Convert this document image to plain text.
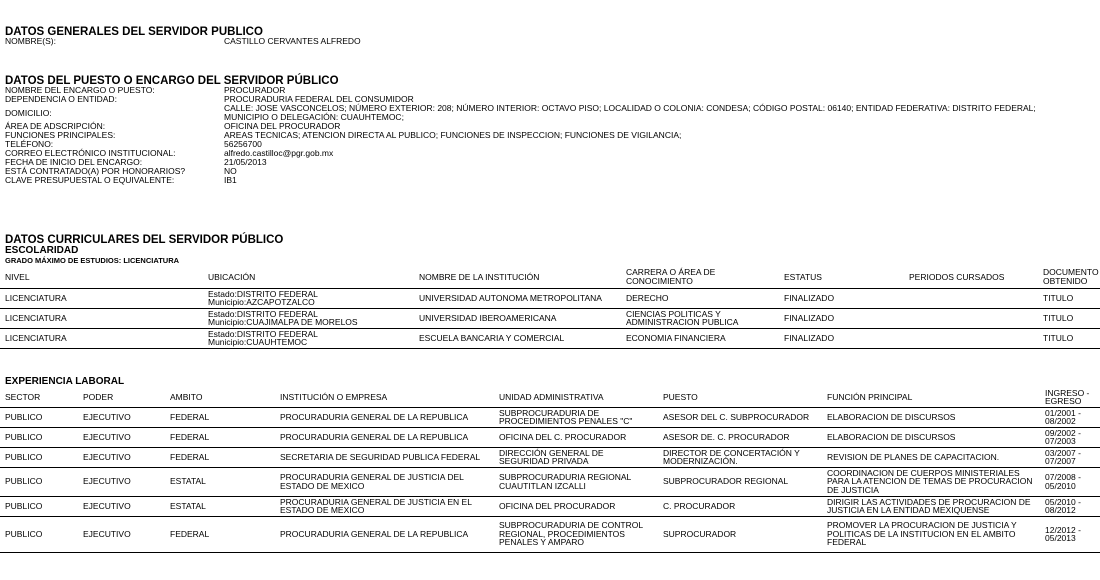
DATOS GENERALES DEL SERVIDOR PUBLICO
NOMBRE(S):	CASTILLO CERVANTES ALFREDO
DATOS DEL PUESTO O ENCARGO DEL SERVIDOR PÚBLICO
NOMBRE DEL ENCARGO O PUESTO:	PROCURADOR
DEPENDENCIA O ENTIDAD:	PROCURADURIA FEDERAL DEL CONSUMIDOR
DOMICILIO:	CALLE: JOSE VASCONCELOS; NÚMERO EXTERIOR: 208; NÚMERO INTERIOR: OCTAVO PISO; LOCALIDAD O COLONIA: CONDESA; CÓDIGO POSTAL: 06140; ENTIDAD FEDERATIVA: DISTRITO FEDERAL; MUNICIPIO O DELEGACIÓN: CUAUHTEMOC;
ÁREA DE ADSCRIPCIÓN:	OFICINA DEL PROCURADOR
FUNCIONES PRINCIPALES:	AREAS TECNICAS; ATENCION DIRECTA AL PUBLICO; FUNCIONES DE INSPECCION; FUNCIONES DE VIGILANCIA;
TELÉFONO:	56256700
CORREO ELECTRÓNICO INSTITUCIONAL:	alfredo.castilloc@pgr.gob.mx
FECHA DE INICIO DEL ENCARGO:	21/05/2013
ESTÁ CONTRATADO(A) POR HONORARIOS?	NO
CLAVE PRESUPUESTAL O EQUIVALENTE:	IB1
DATOS CURRICULARES DEL SERVIDOR PÚBLICO
ESCOLARIDAD
GRADO MÁXIMO DE ESTUDIOS: LICENCIATURA
NIVEL	UBICACIÓN	NOMBRE DE LA INSTITUCIÓN	CARRERA O ÁREA DE CONOCIMIENTO	ESTATUS	PERIODOS CURSADOS	DOCUMENTO OBTENIDO
LICENCIATURA	Estado:DISTRITO FEDERAL Municipio:AZCAPOTZALCO	UNIVERSIDAD AUTONOMA METROPOLITANA	DERECHO	FINALIZADO		TITULO
LICENCIATURA	Estado:DISTRITO FEDERAL Municipio:CUAJIMALPA DE MORELOS	UNIVERSIDAD IBEROAMERICANA	CIENCIAS POLITICAS Y ADMINISTRACION PUBLICA	FINALIZADO		TITULO
LICENCIATURA	Estado:DISTRITO FEDERAL Municipio:CUAUHTEMOC	ESCUELA BANCARIA Y COMERCIAL	ECONOMIA FINANCIERA	FINALIZADO		TITULO
EXPERIENCIA LABORAL
SECTOR	PODER	AMBITO	INSTITUCIÓN O EMPRESA	UNIDAD ADMINISTRATIVA	PUESTO	FUNCIÓN PRINCIPAL	INGRESO - EGRESO
PUBLICO	EJECUTIVO	FEDERAL	PROCURADURIA GENERAL DE LA REPUBLICA	SUBPROCURADURIA DE PROCEDIMIENTOS PENALES "C"	ASESOR DEL C. SUBPROCURADOR	ELABORACION DE DISCURSOS	01/2001 - 08/2002
PUBLICO	EJECUTIVO	FEDERAL	PROCURADURIA GENERAL DE LA REPUBLICA	OFICINA DEL C. PROCURADOR	ASESOR DE. C. PROCURADOR	ELABORACION DE DISCURSOS	09/2002 - 07/2003
PUBLICO	EJECUTIVO	FEDERAL	SECRETARIA DE SEGURIDAD PUBLICA FEDERAL	DIRECCIÓN GENERAL DE SEGURIDAD PRIVADA	DIRECTOR DE CONCERTACIÓN Y MODERNIZACIÓN.	REVISION DE PLANES DE CAPACITACION.	03/2007 - 07/2007
PUBLICO	EJECUTIVO	ESTATAL	PROCURADURIA GENERAL DE JUSTICIA DEL ESTADO DE MEXICO	SUBPROCURADURIA REGIONAL CUAUTITLAN IZCALLI	SUBPROCURADOR REGIONAL	COORDINACION DE CUERPOS MINISTERIALES PARA LA ATENCION DE TEMAS DE PROCURACION DE JUSTICIA	07/2008 - 05/2010
PUBLICO	EJECUTIVO	ESTATAL	PROCURADURIA GENERAL DE JUSTICIA EN EL ESTADO DE MEXICO	OFICINA DEL PROCURADOR	C. PROCURADOR	DIRIGIR LAS ACTIVIDADES DE PROCURACION DE JUSTICIA EN LA ENTIDAD MEXIQUENSE	05/2010 - 08/2012
PUBLICO	EJECUTIVO	FEDERAL	PROCURADURIA GENERAL DE LA REPUBLICA	SUBPROCURADURIA DE CONTROL REGIONAL, PROCEDIMIENTOS PENALES Y AMPARO	SUPROCURADOR	PROMOVER LA PROCURACION DE JUSTICIA Y POLITICAS DE LA INSTITUCION EN EL AMBITO FEDERAL	12/2012 - 05/2013
